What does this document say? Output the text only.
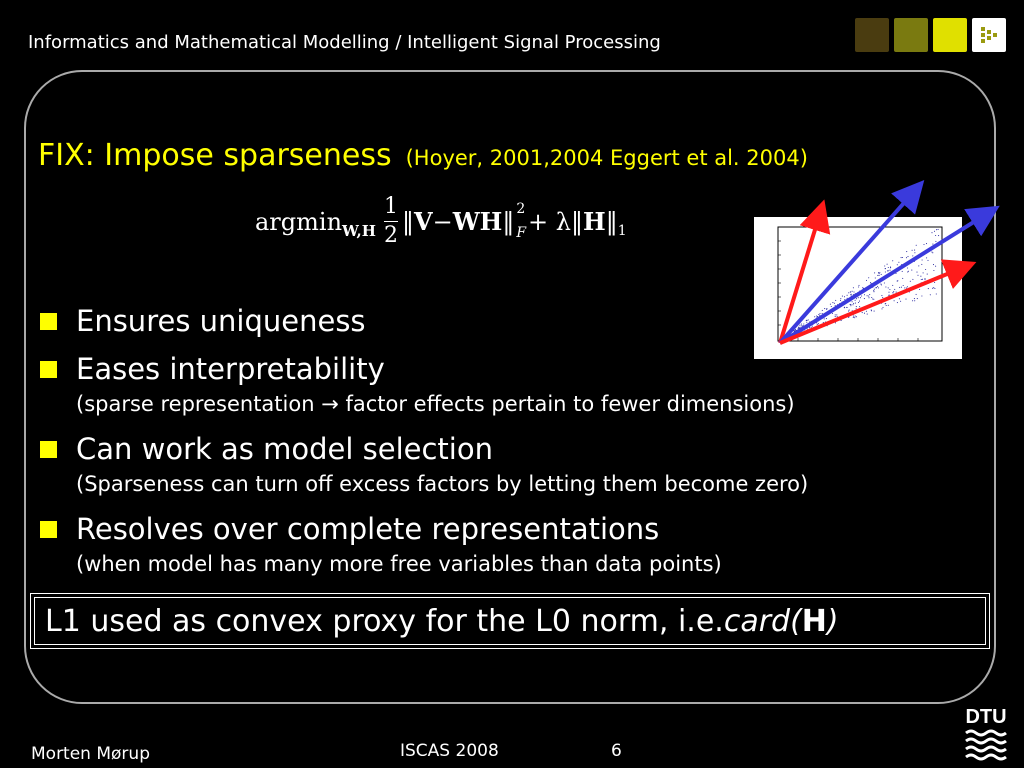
Informatics and Mathematical Modelling / Intelligent Signal Processing
FIX: Impose sparseness (Hoyer, 2001,2004 Eggert et al. 2004)
argmin $W,H \frac{1}{2}$ ‖ V − WH ‖ 2
F + λ ‖ H ‖ 1
Ensures uniqueness
Eases interpretability
(sparse representation → factor effects pertain to fewer dimensions)
Can work as model selection
(Sparseness can turn off excess factors by letting them become zero)
Resolves over complete representations
(when model has many more free variables than data points)
L1 used as convex proxy for the L0 norm, i.e. card( H )
Morten Mørup	ISCAS 2008	6
DTU
